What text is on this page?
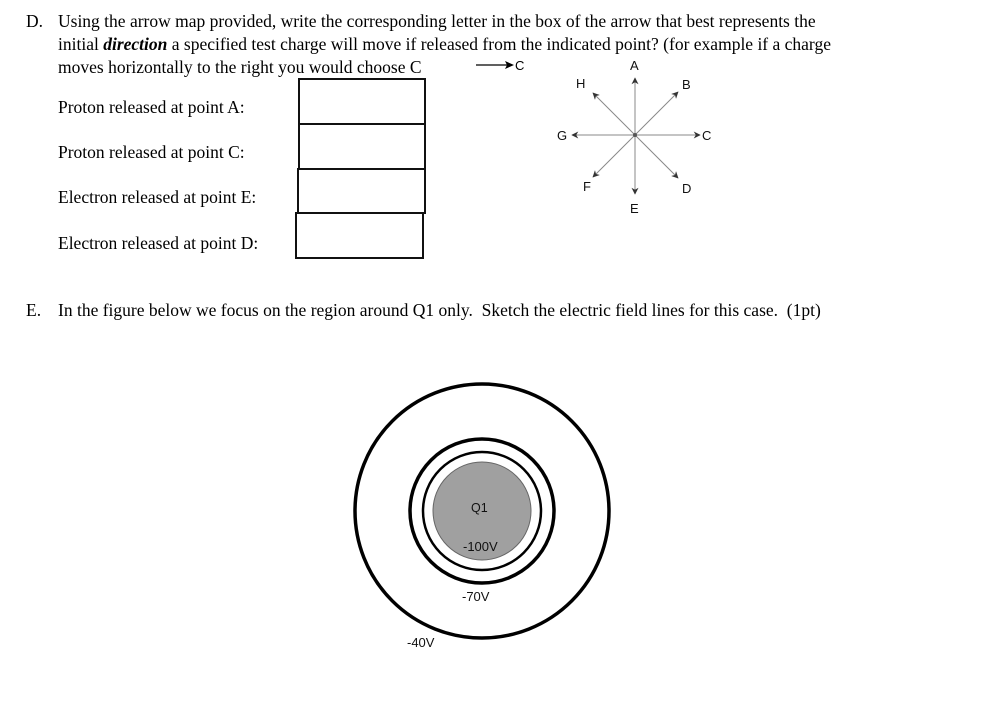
D. Using the arrow map provided, write the corresponding letter in the box of the arrow that best represents the
initial direction a specified test charge will move if released from the indicated point? (for example if a charge
moves horizontally to the right you would choose C	C
Proton released at point A:
Proton released at point C:
Electron released at point E:
Electron released at point D:
A
B
C
D
E
F
G
H
E. In the figure below we focus on the region around Q1 only.  Sketch the electric field lines for this case.  (1pt)
Q1
-100V
-70V
-40V
